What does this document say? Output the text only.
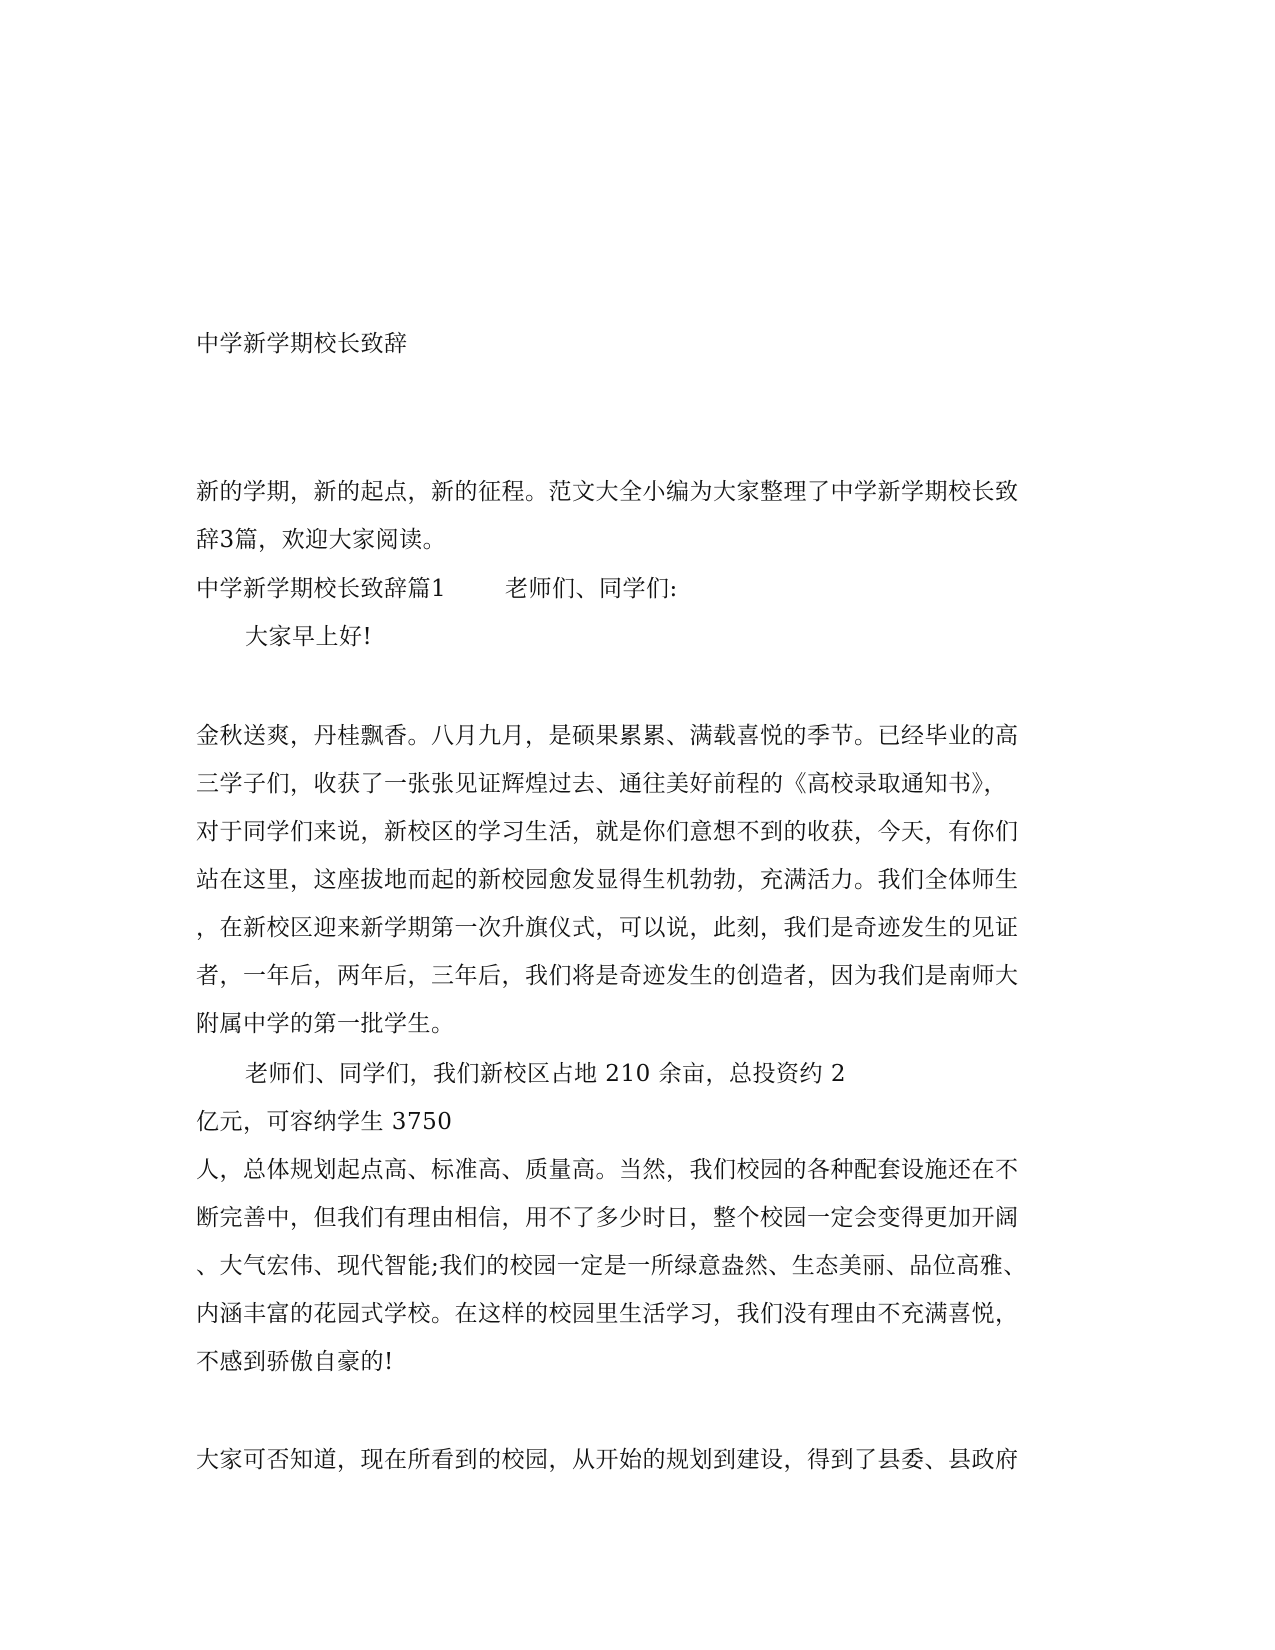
中学新学期校长致辞
新的学期，新的起点，新的征程。范文大全小编为大家整理了中学新学期校长致
辞3篇，欢迎大家阅读。
中学新学期校长致辞篇1	老师们、同学们:
大家早上好!
金秋送爽，丹桂飘香。八月九月，是硕果累累、满载喜悦的季节。已经毕业的高
三学子们，收获了一张张见证辉煌过去、通往美好前程的《高校录取通知书》，
对于同学们来说，新校区的学习生活，就是你们意想不到的收获，今天，有你们
站在这里，这座拔地而起的新校园愈发显得生机勃勃，充满活力。我们全体师生
，在新校区迎来新学期第一次升旗仪式，可以说，此刻，我们是奇迹发生的见证
者，一年后，两年后，三年后，我们将是奇迹发生的创造者，因为我们是南师大
附属中学的第一批学生。
老师们、同学们，我们新校区占地 210 余亩，总投资约 2
亿元，可容纳学生 3750
人，总体规划起点高、标准高、质量高。当然，我们校园的各种配套设施还在不
断完善中，但我们有理由相信，用不了多少时日，整个校园一定会变得更加开阔
、大气宏伟、现代智能;我们的校园一定是一所绿意盎然、生态美丽、品位高雅、
内涵丰富的花园式学校。在这样的校园里生活学习，我们没有理由不充满喜悦，
不感到骄傲自豪的!
大家可否知道，现在所看到的校园，从开始的规划到建设，得到了县委、县政府
